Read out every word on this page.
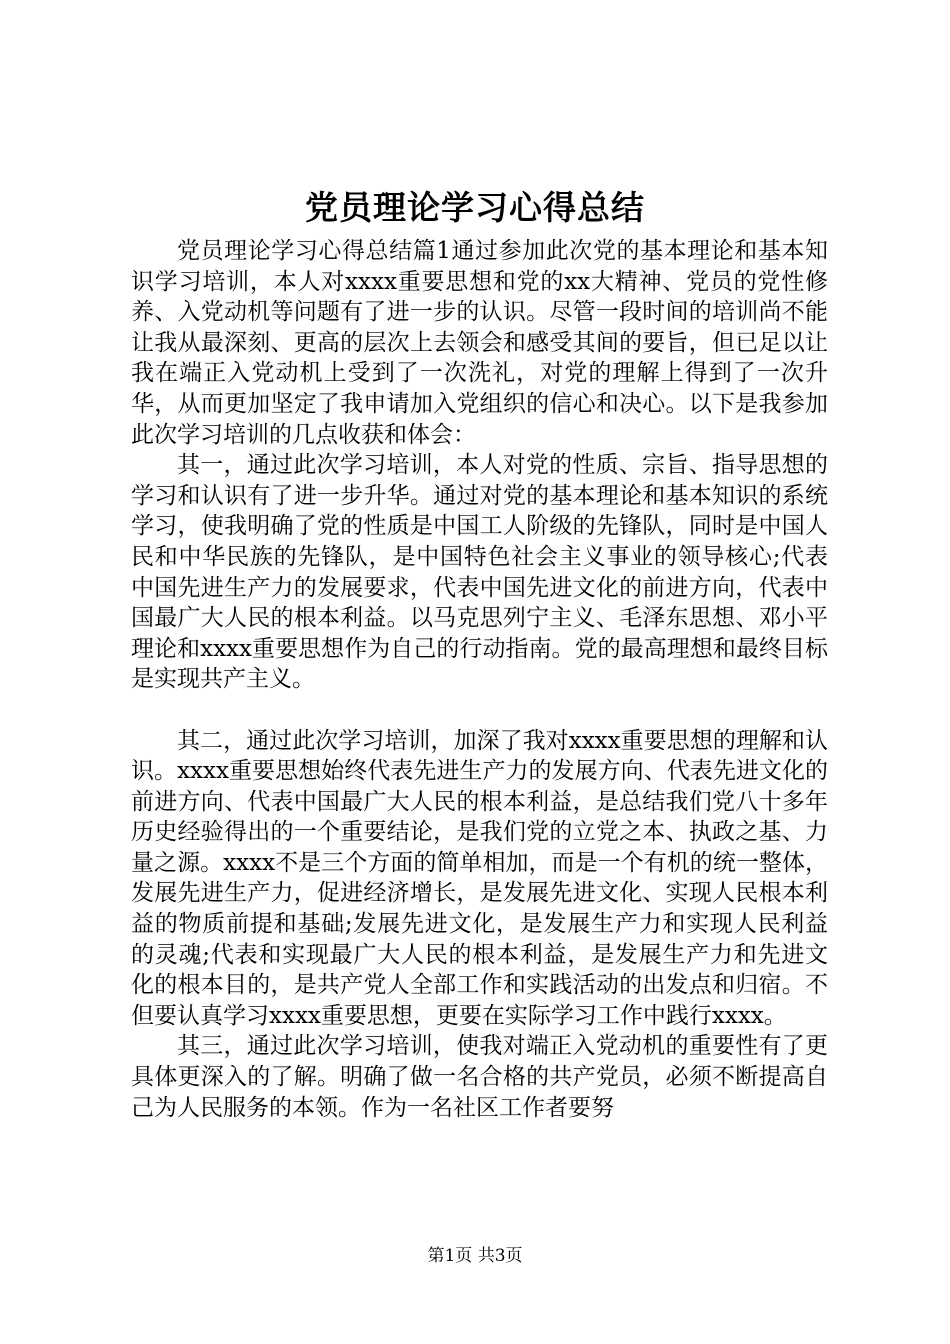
党员理论学习心得总结

党员理论学习心得总结篇1通过参加此次党的基本理论和基本知识学习培训，本人对xxxx重要思想和党的xx大精神、党员的党性修养、入党动机等问题有了进一步的认识。尽管一段时间的培训尚不能让我从最深刻、更高的层次上去领会和感受其间的要旨，但已足以让我在端正入党动机上受到了一次洗礼，对党的理解上得到了一次升华，从而更加坚定了我申请加入党组织的信心和决心。以下是我参加此次学习培训的几点收获和体会：

其一，通过此次学习培训，本人对党的性质、宗旨、指导思想的学习和认识有了进一步升华。通过对党的基本理论和基本知识的系统学习，使我明确了党的性质是中国工人阶级的先锋队，同时是中国人民和中华民族的先锋队，是中国特色社会主义事业的领导核心;代表中国先进生产力的发展要求，代表中国先进文化的前进方向，代表中国最广大人民的根本利益。以马克思列宁主义、毛泽东思想、邓小平理论和xxxx重要思想作为自己的行动指南。党的最高理想和最终目标是实现共产主义。

其二，通过此次学习培训，加深了我对xxxx重要思想的理解和认识。xxxx重要思想始终代表先进生产力的发展方向、代表先进文化的前进方向、代表中国最广大人民的根本利益，是总结我们党八十多年历史经验得出的一个重要结论，是我们党的立党之本、执政之基、力量之源。xxxx不是三个方面的简单相加，而是一个有机的统一整体，发展先进生产力，促进经济增长，是发展先进文化、实现人民根本利益的物质前提和基础;发展先进文化，是发展生产力和实现人民利益的灵魂;代表和实现最广大人民的根本利益，是发展生产力和先进文化的根本目的，是共产党人全部工作和实践活动的出发点和归宿。不但要认真学习xxxx重要思想，更要在实际学习工作中践行xxxx。

其三，通过此次学习培训，使我对端正入党动机的重要性有了更具体更深入的了解。明确了做一名合格的共产党员，必须不断提高自己为人民服务的本领。作为一名社区工作者要努

第1页 共3页
